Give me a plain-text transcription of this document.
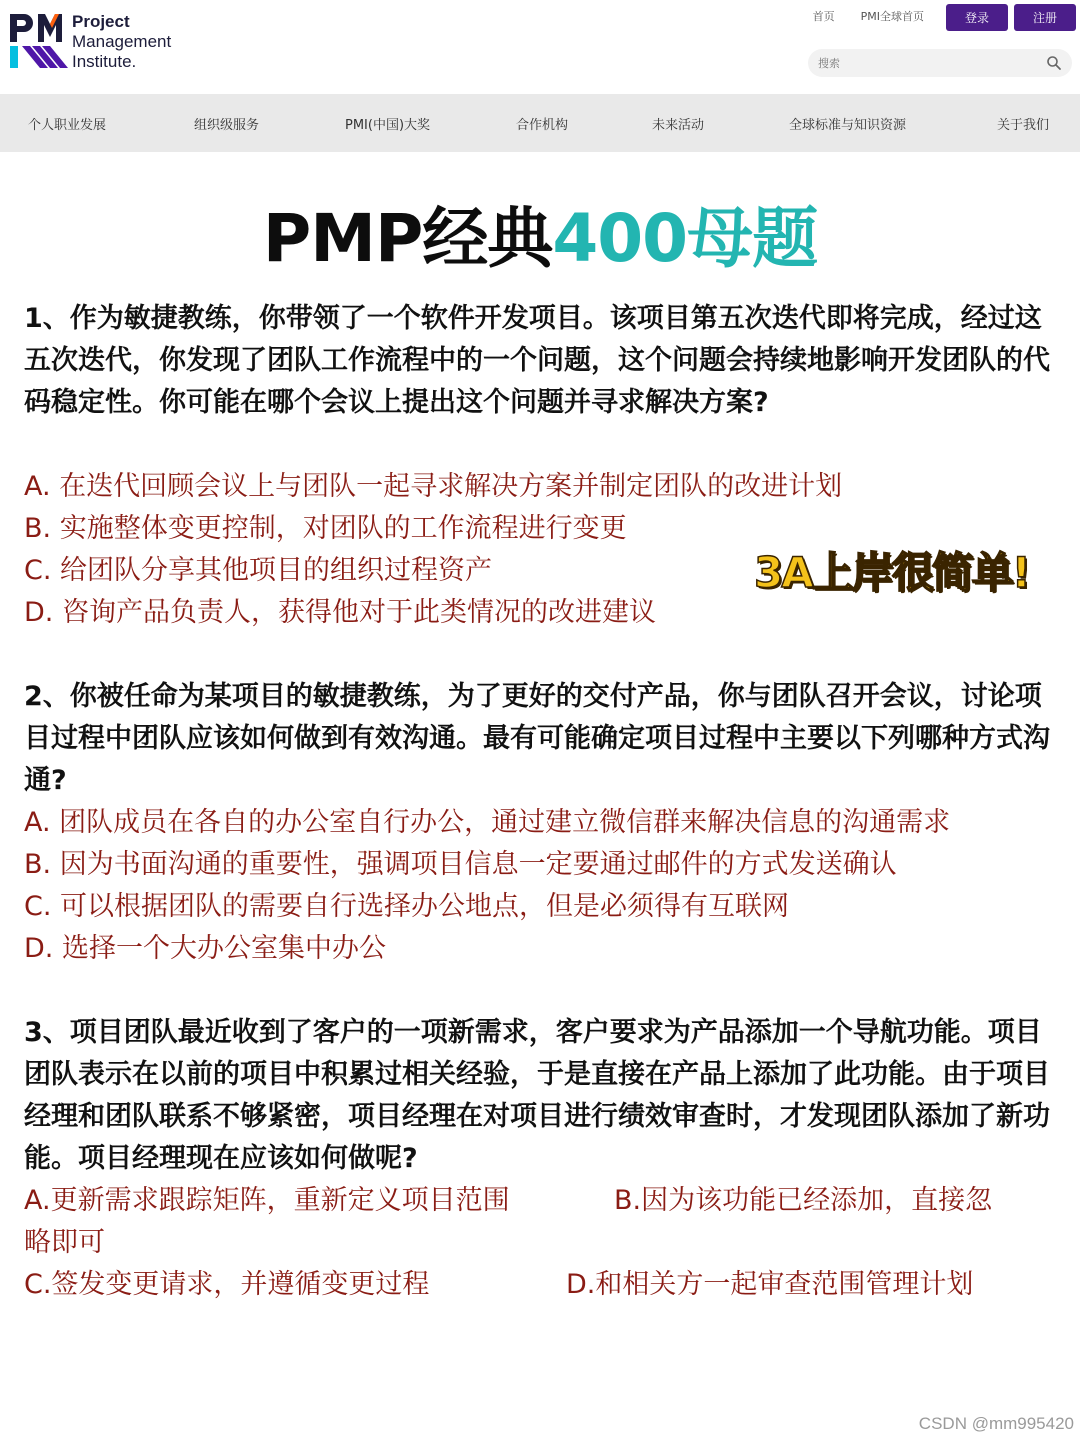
Project
Management
Institute.
首页 PMI全球首页	登录	注册
搜索
个人职业发展	组织级服务	PMI(中国)大奖	合作机构	未来活动	全球标准与知识资源	关于我们
PMP经典400母题
1、作为敏捷教练，你带领了一个软件开发项目。该项目第五次迭代即将完成，经过这五次迭代，你发现了团队工作流程中的一个问题，这个问题会持续地影响开发团队的代码稳定性。你可能在哪个会议上提出这个问题并寻求解决方案?
A. 在迭代回顾会议上与团队一起寻求解决方案并制定团队的改进计划
B. 实施整体变更控制，对团队的工作流程进行变更
C. 给团队分享其他项目的组织过程资产
D. 咨询产品负责人，获得他对于此类情况的改进建议
3A上岸很简单!
2、你被任命为某项目的敏捷教练，为了更好的交付产品，你与团队召开会议，讨论项目过程中团队应该如何做到有效沟通。最有可能确定项目过程中主要以下列哪种方式沟通?
A. 团队成员在各自的办公室自行办公，通过建立微信群来解决信息的沟通需求
B. 因为书面沟通的重要性，强调项目信息一定要通过邮件的方式发送确认
C. 可以根据团队的需要自行选择办公地点，但是必须得有互联网
D. 选择一个大办公室集中办公
3、项目团队最近收到了客户的一项新需求，客户要求为产品添加一个导航功能。项目团队表示在以前的项目中积累过相关经验，于是直接在产品上添加了此功能。由于项目经理和团队联系不够紧密，项目经理在对项目进行绩效审查时，才发现团队添加了新功能。项目经理现在应该如何做呢?
A.更新需求跟踪矩阵，重新定义项目范围	B.因为该功能已经添加，直接忽
略即可
C.签发变更请求，并遵循变更过程	D.和相关方一起审查范围管理计划
CSDN @mm995420
